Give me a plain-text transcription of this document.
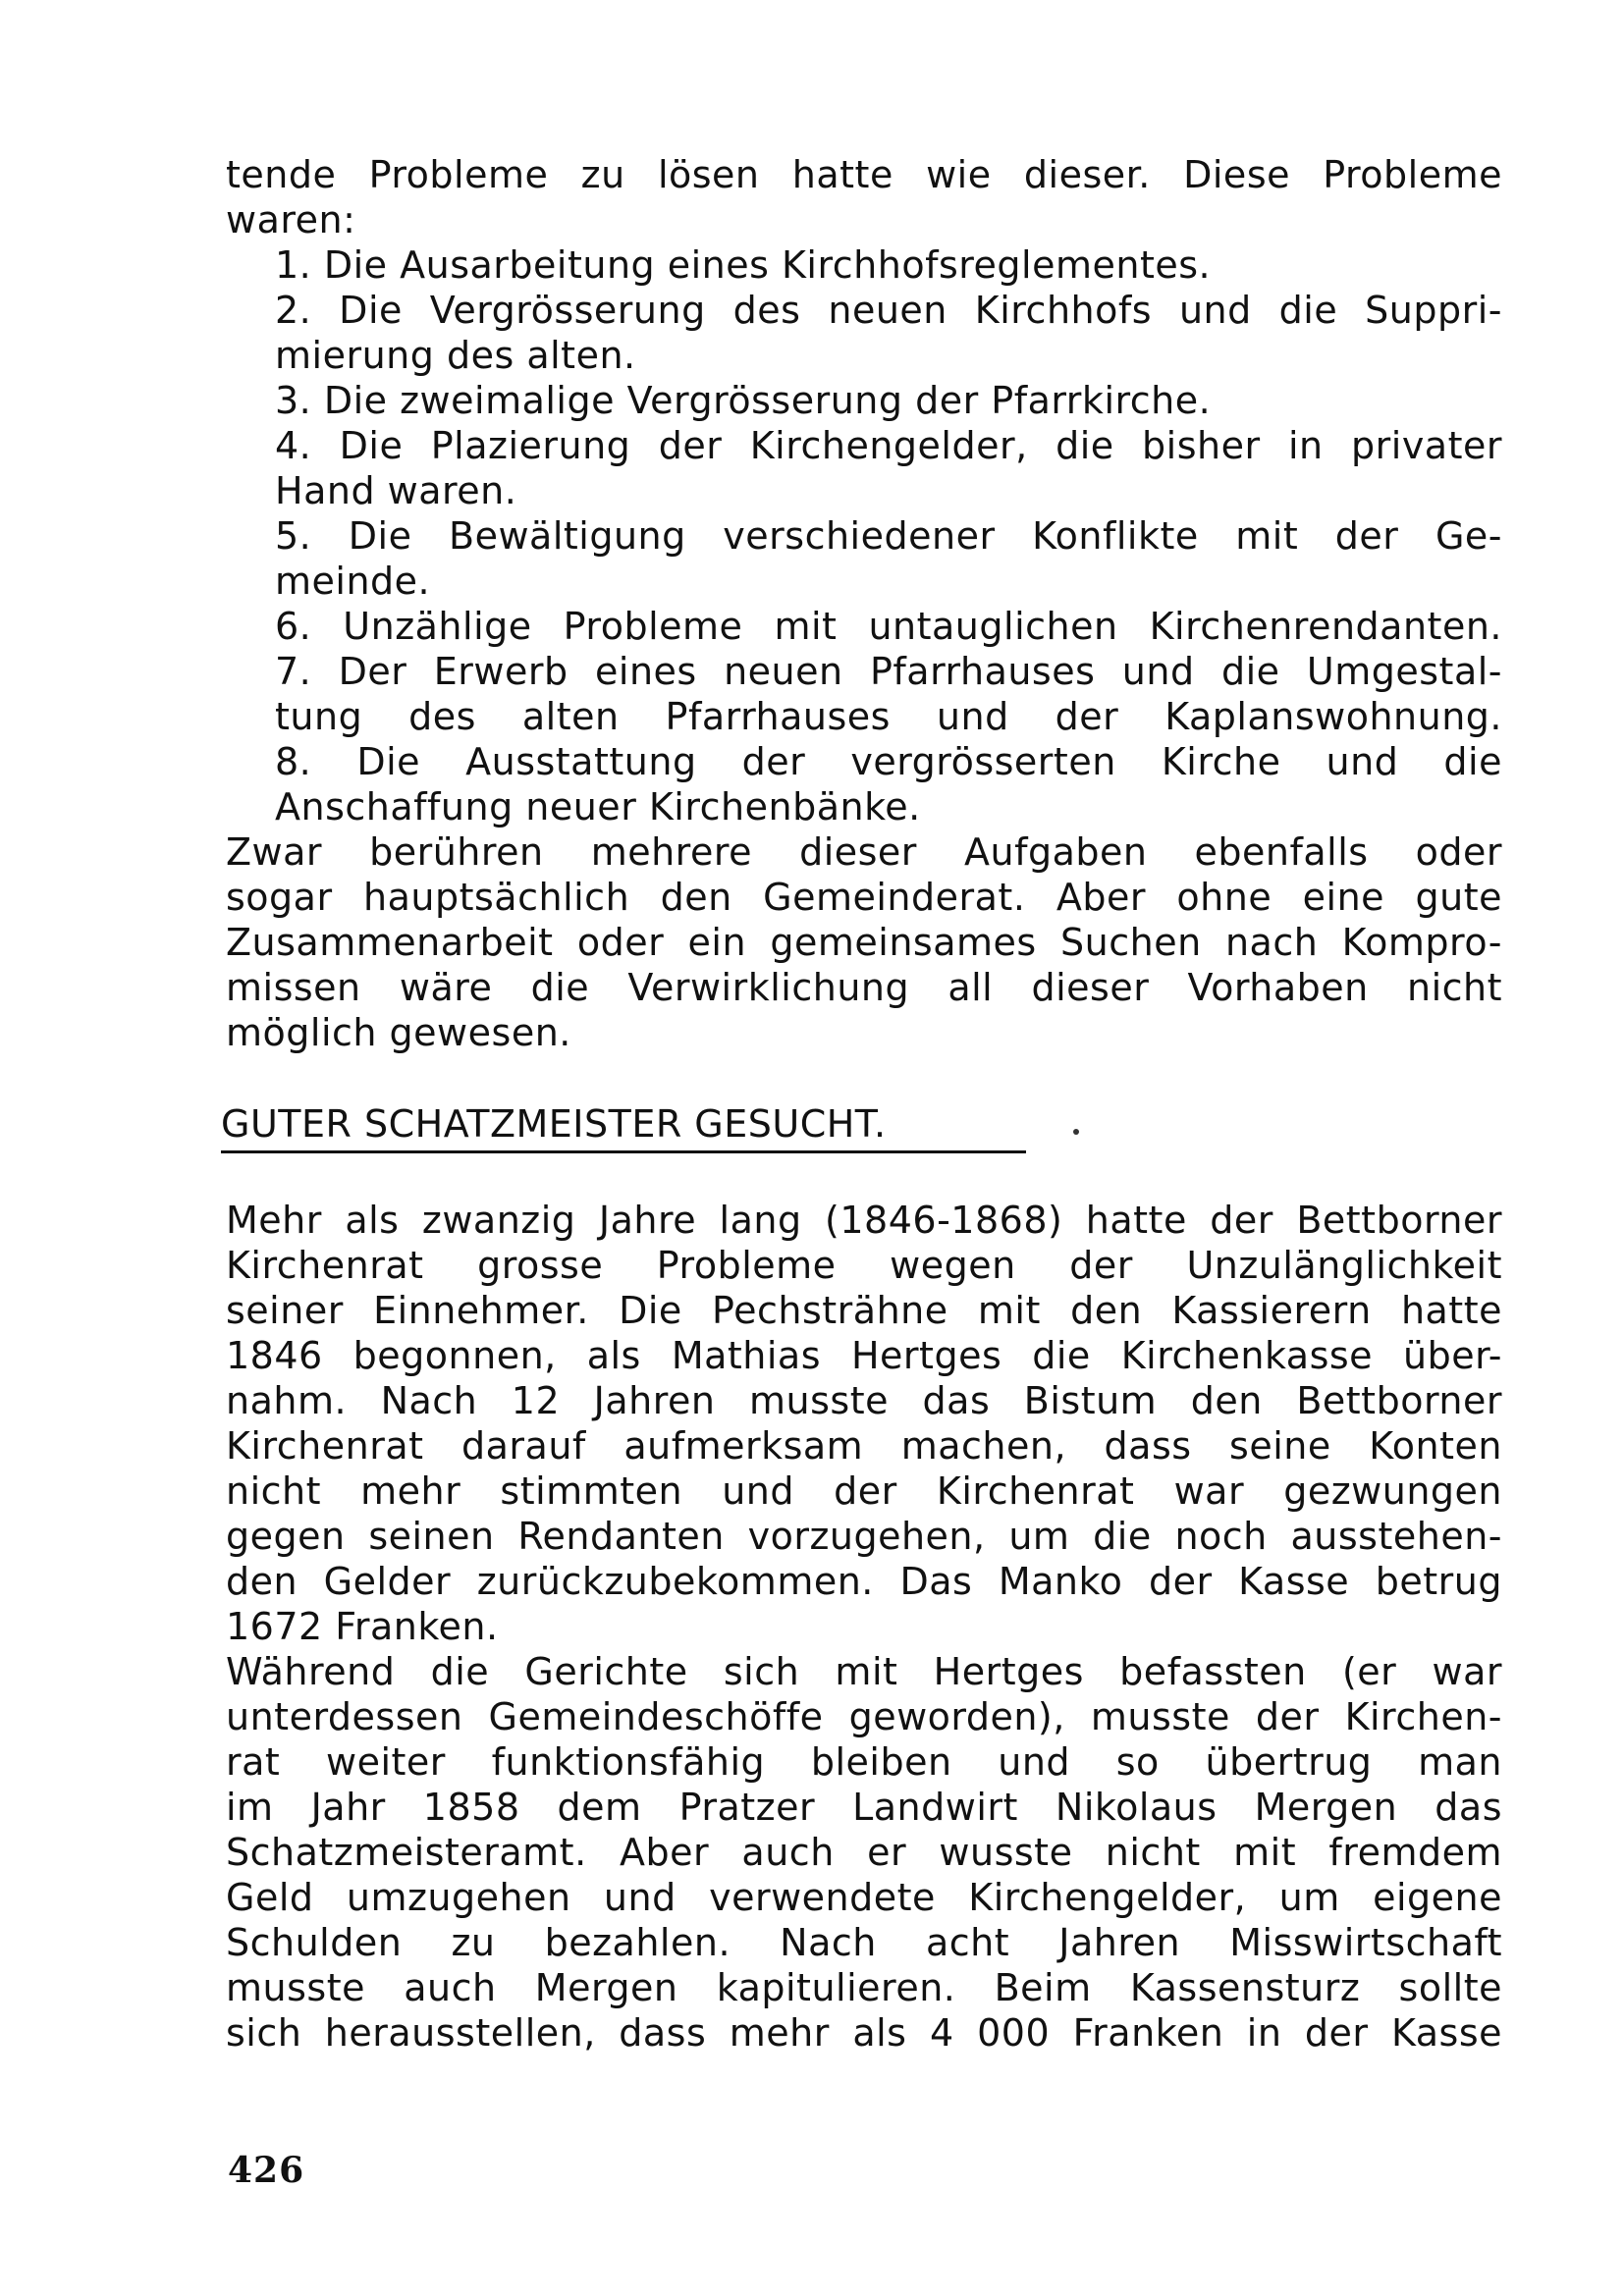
tende Probleme zu lösen hatte wie dieser. Diese Probleme
waren:
1. Die Ausarbeitung eines Kirchhofsreglementes.
2. Die Vergrösserung des neuen Kirchhofs und die Suppri-
mierung des alten.
3. Die zweimalige Vergrösserung der Pfarrkirche.
4. Die Plazierung der Kirchengelder, die bisher in privater
Hand waren.
5. Die Bewältigung verschiedener Konflikte mit der Ge-
meinde.
6. Unzählige Probleme mit untauglichen Kirchenrendanten.
7. Der Erwerb eines neuen Pfarrhauses und die Umgestal-
tung des alten Pfarrhauses und der Kaplanswohnung.
8. Die Ausstattung der vergrösserten Kirche und die
Anschaffung neuer Kirchenbänke.
Zwar berühren mehrere dieser Aufgaben ebenfalls oder
sogar hauptsächlich den Gemeinderat. Aber ohne eine gute
Zusammenarbeit oder ein gemeinsames Suchen nach Kompro-
missen wäre die Verwirklichung all dieser Vorhaben nicht
möglich gewesen.
GUTER SCHATZMEISTER GESUCHT.
Mehr als zwanzig Jahre lang (1846-1868) hatte der Bettborner
Kirchenrat grosse Probleme wegen der Unzulänglichkeit
seiner Einnehmer. Die Pechsträhne mit den Kassierern hatte
1846 begonnen, als Mathias Hertges die Kirchenkasse über-
nahm. Nach 12 Jahren musste das Bistum den Bettborner
Kirchenrat darauf aufmerksam machen, dass seine Konten
nicht mehr stimmten und der Kirchenrat war gezwungen
gegen seinen Rendanten vorzugehen, um die noch ausstehen-
den Gelder zurückzubekommen. Das Manko der Kasse betrug
1672 Franken.
Während die Gerichte sich mit Hertges befassten (er war
unterdessen Gemeindeschöffe geworden), musste der Kirchen-
rat weiter funktionsfähig bleiben und so übertrug man
im Jahr 1858 dem Pratzer Landwirt Nikolaus Mergen das
Schatzmeisteramt. Aber auch er wusste nicht mit fremdem
Geld umzugehen und verwendete Kirchengelder, um eigene
Schulden zu bezahlen. Nach acht Jahren Misswirtschaft
musste auch Mergen kapitulieren. Beim Kassensturz sollte
sich herausstellen, dass mehr als 4 000 Franken in der Kasse
426
